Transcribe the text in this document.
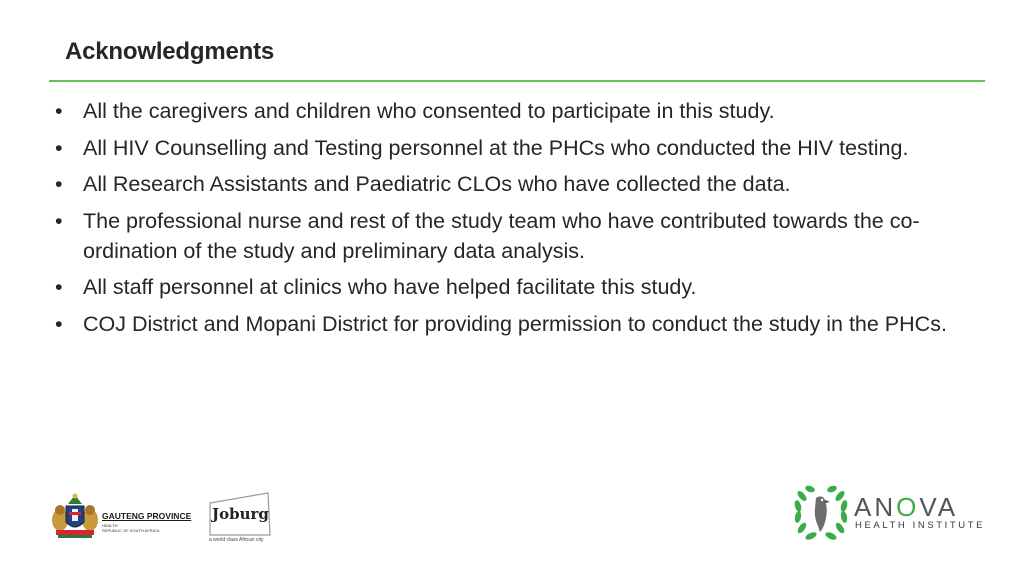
Acknowledgments
• All the caregivers and children who consented to participate in this study.
• All HIV Counselling and Testing personnel at the PHCs who conducted the HIV testing.
• All Research Assistants and Paediatric CLOs who have collected the data.
• The professional nurse and rest of the study team who have contributed towards the co-ordination of the study and preliminary data analysis.
• All staff personnel at clinics who have helped facilitate this study.
• COJ District and Mopani District for providing permission to conduct the study in the PHCs.
GAUTENG PROVINCE
HEALTH
REPUBLIC OF SOUTH AFRICA
Joburg
a world class African city
ANOVA
HEALTH INSTITUTE
